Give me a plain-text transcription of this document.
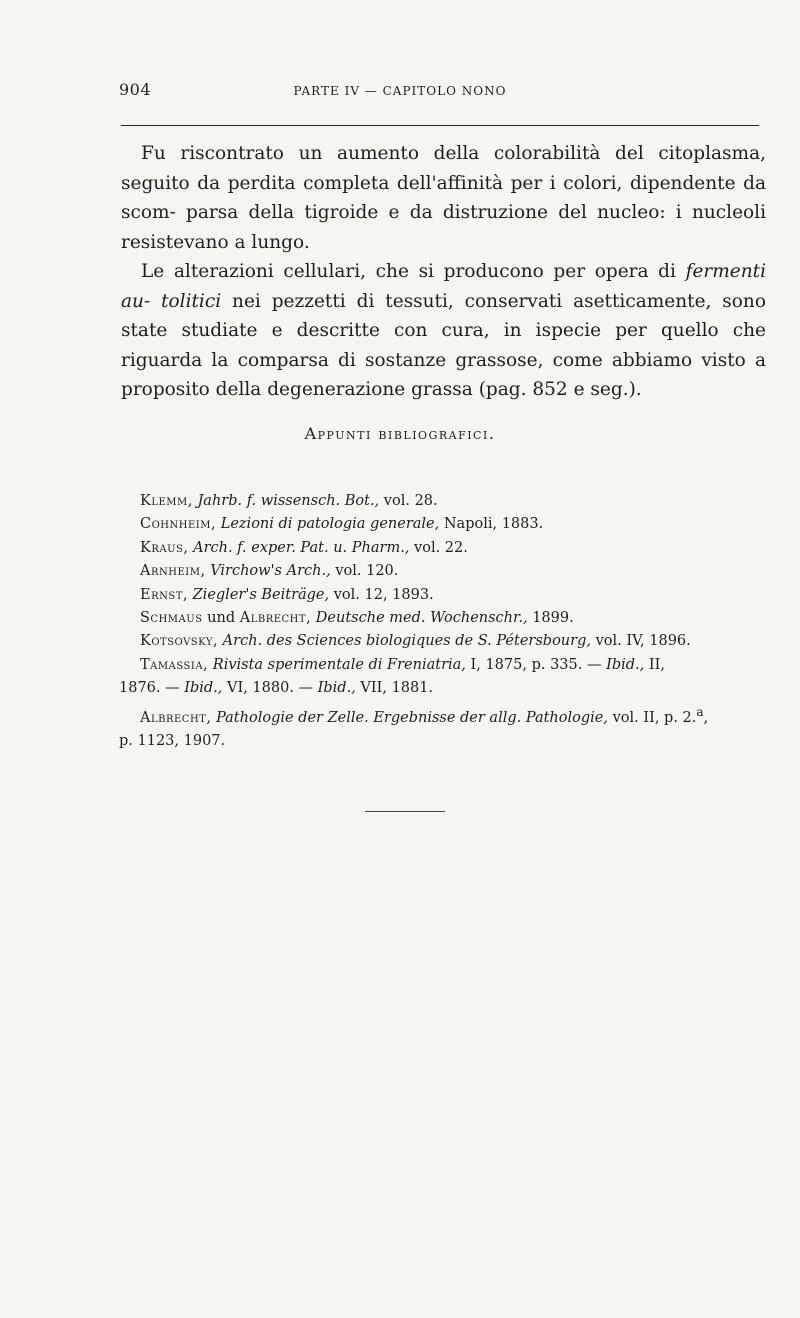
904	PARTE IV — CAPITOLO NONO

Fu riscontrato un aumento della colorabilità del citoplasma, seguito da perdita completa dell'affinità per i colori, dipendente da scom- parsa della tigroide e da distruzione del nucleo: i nucleoli resistevano a lungo.

Le alterazioni cellulari, che si producono per opera di fermenti au- tolitici nei pezzetti di tessuti, conservati asetticamente, sono state studiate e descritte con cura, in ispecie per quello che riguarda la comparsa di sostanze grassose, come abbiamo visto a proposito della degenerazione grassa (pag. 852 e seg.).

Appunti bibliografici.
Klemm, Jahrb. f. wissensch. Bot., vol. 28.
Cohnheim, Lezioni di patologia generale, Napoli, 1883.
Kraus, Arch. f. exper. Pat. u. Pharm., vol. 22.
Arnheim, Virchow's Arch., vol. 120.
Ernst, Ziegler's Beiträge, vol. 12, 1893.
Schmaus und Albrecht, Deutsche med. Wochenschr., 1899.
Kotsovsky, Arch. des Sciences biologiques de S. Pétersbourg, vol. IV, 1896.
Tamassia, Rivista sperimentale di Freniatria, I, 1875, p. 335. — Ibid., II,
1876. — Ibid., VI, 1880. — Ibid., VII, 1881.
Albrecht, Pathologie der Zelle. Ergebnisse der allg. Pathologie, vol. II, p. 2.$^a$,
p. 1123, 1907.
